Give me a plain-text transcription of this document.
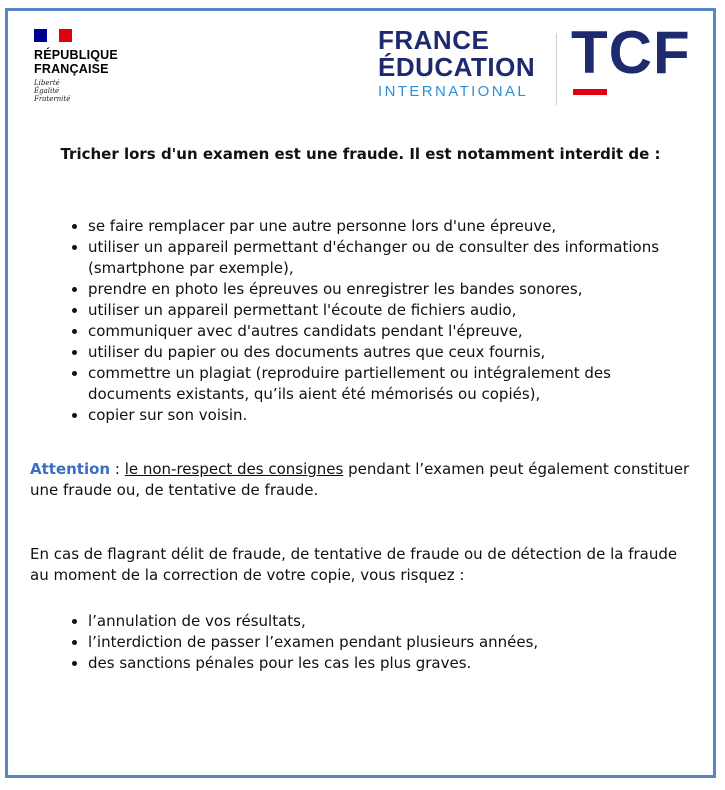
RÉPUBLIQUE
FRANÇAISE
Liberté
Égalité
Fraternité
FRANCE
ÉDUCATION
INTERNATIONAL
TCF
Tricher lors d'un examen est une fraude. Il est notamment interdit de :
• se faire remplacer par une autre personne lors d'une épreuve,
• utiliser un appareil permettant d'échanger ou de consulter des informations (smartphone par exemple),
• prendre en photo les épreuves ou enregistrer les bandes sonores,
• utiliser un appareil permettant l'écoute de fichiers audio,
• communiquer avec d'autres candidats pendant l'épreuve,
• utiliser du papier ou des documents autres que ceux fournis,
• commettre un plagiat (reproduire partiellement ou intégralement des documents existants, qu’ils aient été mémorisés ou copiés),
• copier sur son voisin.
Attention : le non-respect des consignes pendant l’examen peut également constituer une fraude ou, de tentative de fraude.
En cas de flagrant délit de fraude, de tentative de fraude ou de détection de la fraude au moment de la correction de votre copie, vous risquez :
• l’annulation de vos résultats,
• l’interdiction de passer l’examen pendant plusieurs années,
• des sanctions pénales pour les cas les plus graves.
